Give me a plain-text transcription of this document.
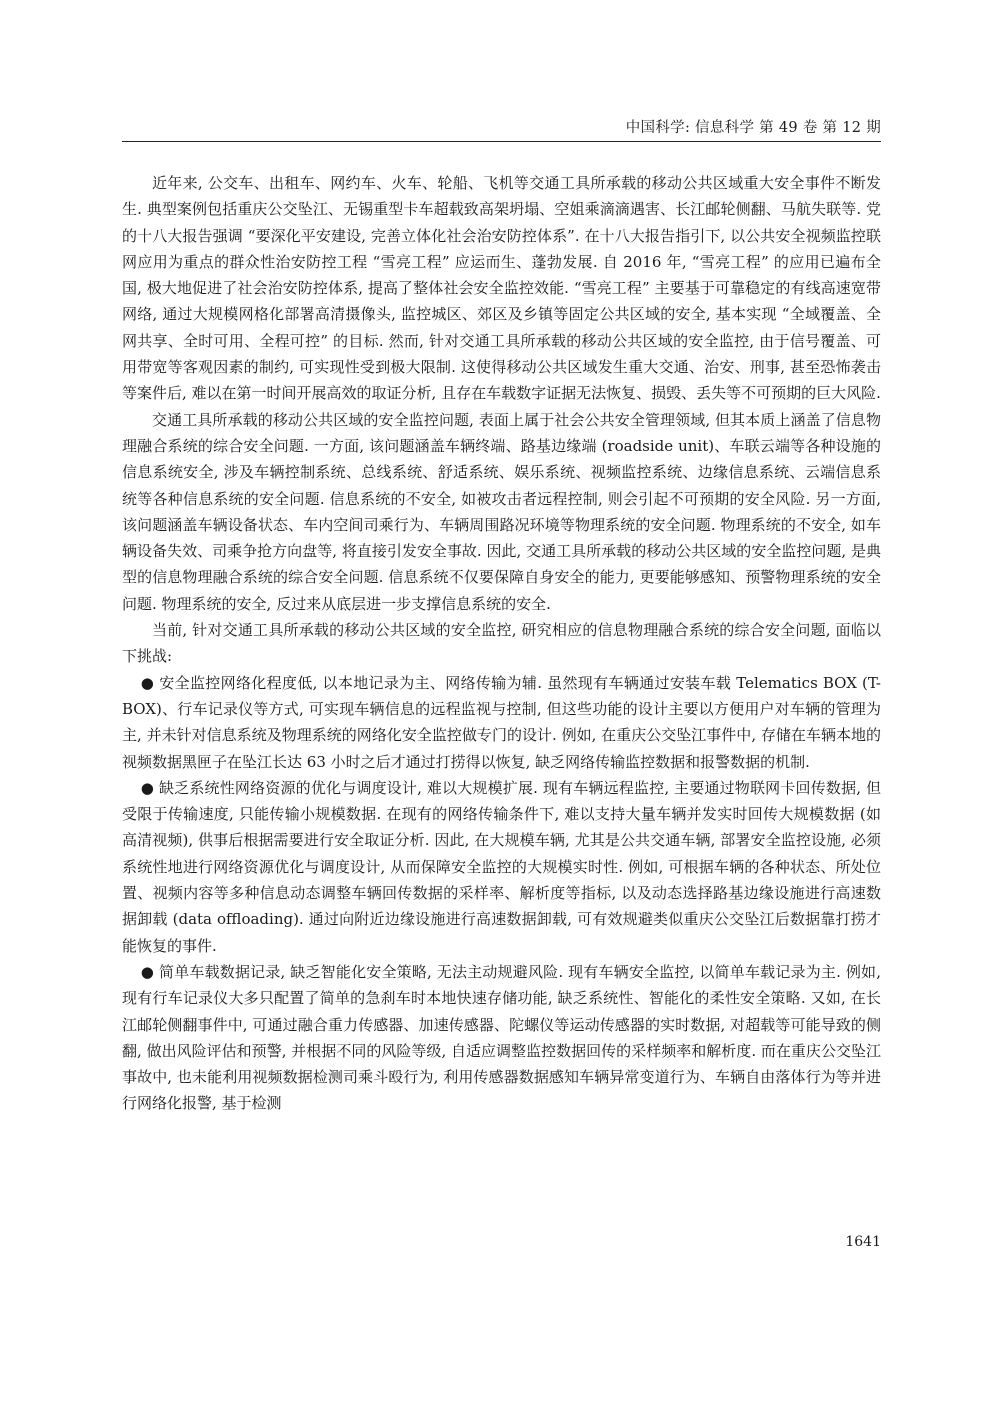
中国科学: 信息科学 第 49 卷 第 12 期

近年来, 公交车、出租车、网约车、火车、轮船、飞机等交通工具所承载的移动公共区域重大安全事件不断发生. 典型案例包括重庆公交坠江、无锡重型卡车超载致高架坍塌、空姐乘滴滴遇害、长江邮轮侧翻、马航失联等. 党的十八大报告强调 “要深化平安建设, 完善立体化社会治安防控体系”. 在十八大报告指引下, 以公共安全视频监控联网应用为重点的群众性治安防控工程 “雪亮工程” 应运而生、蓬勃发展. 自 2016 年, “雪亮工程” 的应用已遍布全国, 极大地促进了社会治安防控体系, 提高了整体社会安全监控效能. “雪亮工程” 主要基于可靠稳定的有线高速宽带网络, 通过大规模网格化部署高清摄像头, 监控城区、郊区及乡镇等固定公共区域的安全, 基本实现 “全域覆盖、全网共享、全时可用、全程可控” 的目标. 然而, 针对交通工具所承载的移动公共区域的安全监控, 由于信号覆盖、可用带宽等客观因素的制约, 可实现性受到极大限制. 这使得移动公共区域发生重大交通、治安、刑事, 甚至恐怖袭击等案件后, 难以在第一时间开展高效的取证分析, 且存在车载数字证据无法恢复、损毁、丢失等不可预期的巨大风险.

交通工具所承载的移动公共区域的安全监控问题, 表面上属于社会公共安全管理领域, 但其本质上涵盖了信息物理融合系统的综合安全问题. 一方面, 该问题涵盖车辆终端、路基边缘端 (roadside unit)、车联云端等各种设施的信息系统安全, 涉及车辆控制系统、总线系统、舒适系统、娱乐系统、视频监控系统、边缘信息系统、云端信息系统等各种信息系统的安全问题. 信息系统的不安全, 如被攻击者远程控制, 则会引起不可预期的安全风险. 另一方面, 该问题涵盖车辆设备状态、车内空间司乘行为、车辆周围路况环境等物理系统的安全问题. 物理系统的不安全, 如车辆设备失效、司乘争抢方向盘等, 将直接引发安全事故. 因此, 交通工具所承载的移动公共区域的安全监控问题, 是典型的信息物理融合系统的综合安全问题. 信息系统不仅要保障自身安全的能力, 更要能够感知、预警物理系统的安全问题. 物理系统的安全, 反过来从底层进一步支撑信息系统的安全.

当前, 针对交通工具所承载的移动公共区域的安全监控, 研究相应的信息物理融合系统的综合安全问题, 面临以下挑战:

● 安全监控网络化程度低, 以本地记录为主、网络传输为辅. 虽然现有车辆通过安装车载 Telematics BOX (T-BOX)、行车记录仪等方式, 可实现车辆信息的远程监视与控制, 但这些功能的设计主要以方便用户对车辆的管理为主, 并未针对信息系统及物理系统的网络化安全监控做专门的设计. 例如, 在重庆公交坠江事件中, 存储在车辆本地的视频数据黑匣子在坠江长达 63 小时之后才通过打捞得以恢复, 缺乏网络传输监控数据和报警数据的机制.

● 缺乏系统性网络资源的优化与调度设计, 难以大规模扩展. 现有车辆远程监控, 主要通过物联网卡回传数据, 但受限于传输速度, 只能传输小规模数据. 在现有的网络传输条件下, 难以支持大量车辆并发实时回传大规模数据 (如高清视频), 供事后根据需要进行安全取证分析. 因此, 在大规模车辆, 尤其是公共交通车辆, 部署安全监控设施, 必须系统性地进行网络资源优化与调度设计, 从而保障安全监控的大规模实时性. 例如, 可根据车辆的各种状态、所处位置、视频内容等多种信息动态调整车辆回传数据的采样率、解析度等指标, 以及动态选择路基边缘设施进行高速数据卸载 (data offloading). 通过向附近边缘设施进行高速数据卸载, 可有效规避类似重庆公交坠江后数据靠打捞才能恢复的事件.

● 简单车载数据记录, 缺乏智能化安全策略, 无法主动规避风险. 现有车辆安全监控, 以简单车载记录为主. 例如, 现有行车记录仪大多只配置了简单的急刹车时本地快速存储功能, 缺乏系统性、智能化的柔性安全策略. 又如, 在长江邮轮侧翻事件中, 可通过融合重力传感器、加速传感器、陀螺仪等运动传感器的实时数据, 对超载等可能导致的侧翻, 做出风险评估和预警, 并根据不同的风险等级, 自适应调整监控数据回传的采样频率和解析度. 而在重庆公交坠江事故中, 也未能利用视频数据检测司乘斗殴行为, 利用传感器数据感知车辆异常变道行为、车辆自由落体行为等并进行网络化报警, 基于检测

1641
